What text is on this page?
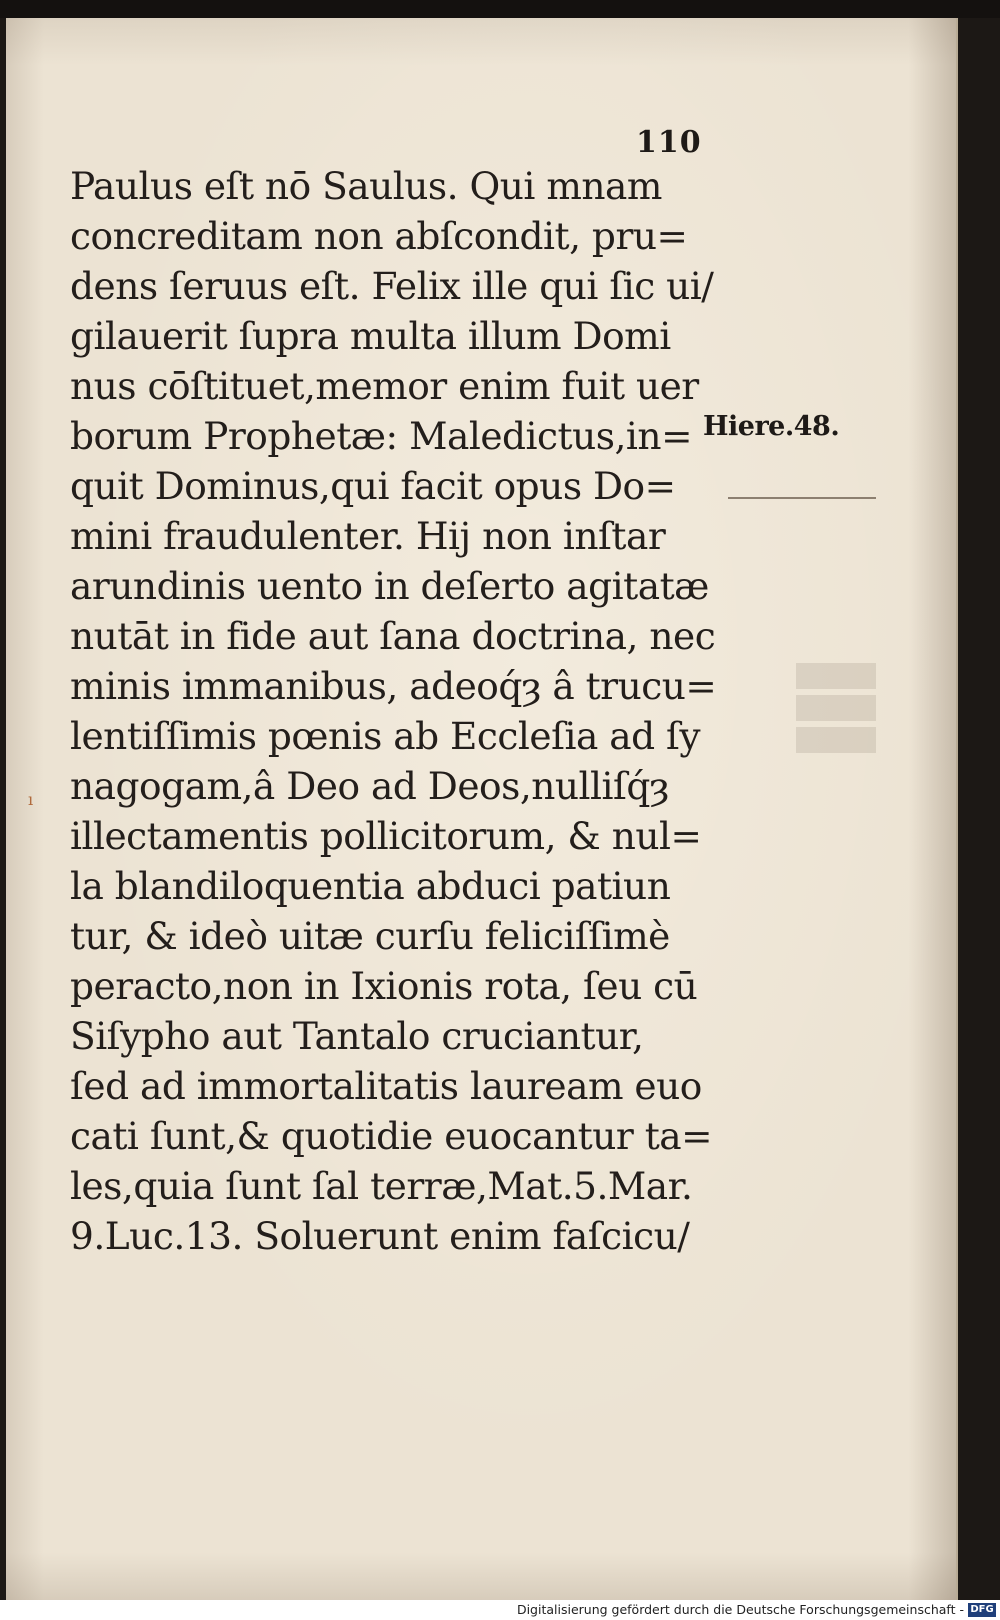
110
Paulus eſt nō Saulus. Qui mnam
concreditam non abſcondit, pru=
dens ſeruus eſt. Felix ille qui ſic ui/
gilauerit ſupra multa illum Domi
nus cōſtituet,memor enim fuit uer
borum Prophetæ: Maledictus,in=
quit Dominus,qui facit opus Do=
mini fraudulenter. Hij non inſtar
arundinis uento in deſerto agitatæ
nutāt in fide aut ſana doctrina, nec
minis immanibus, adeoq́ȝ â trucu=
lentiſſimis pœnis ab Eccleſia ad ſy
nagogam,â Deo ad Deos,nulliſq́ȝ
illectamentis pollicitorum, & nul=
la blandiloquentia abduci patiun
tur, & ideò uitæ curſu feliciſſimè
peracto,non in Ixionis rota, ſeu cū
Siſypho aut Tantalo cruciantur,
ſed ad immortalitatis lauream euo
cati ſunt,& quotidie euocantur ta=
les,quia ſunt ſal terræ,Mat.5.Mar.
9.Luc.13. Soluerunt enim faſcicu/
Hiere.48.
ı
Digitalisierung gefördert durch die Deutsche Forschungsgemeinschaft - DFG
